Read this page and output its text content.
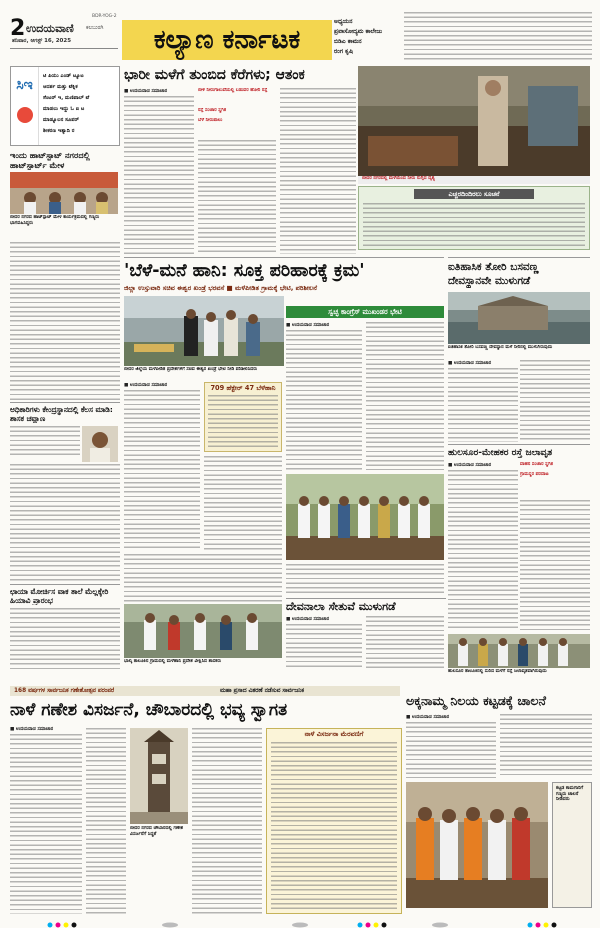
BDR-YOG-2
2 ಉದಯವಾಣಿ ಕಲಬುರಗಿ
ಶನಿವಾರ, ಆಗಸ್ಟ್ 16, 2025	ಕಲ್ಯಾಣ ಕರ್ನಾಟಕ
ಅಧ್ಯಯನ
ಪ್ರವಾಸೋದ್ಯಮ ಕಾಲೇಜು
ಬಿಡಿಎ ಕಾಮನ
ರಂಗ ಕೃಷಿ
ಬೀದರ ನಗರದಲ್ಲಿ ಮಳೆಯಿಂದ ನೀರು ನುಗ್ಗಿದ ದೃಶ್ಯ
ಸಿಇ
ಟಿ ಪಿಯು ಎಂಡ್ ಟ್ಯೂಟ
ಆದರ್ಶ ಮತ್ತು ಟೆಕ್ನಿಕ
ಸೆಂಟರ್ ಇ, ಮಣಿಪಾಲ್ ಟೆ
ಮಾಡಲು ಇದ್ದು ಓ ಐ ಟ
ಮಾಡ್ಯೂಲನ ಸೂಪರ್
ಶೀಕರಣ ಇತ್ಯಾದಿ ರ
ಇಂದು ಹಾಟ್‌ಸ್ಪಾಟ್ ನಗರದಲ್ಲಿ ಹಾಟ್‌ಸ್ಪಾರ್ಟ್ ಮೇಳ
ಬೀದರ ನಗರದ ಹಾಟ್‌ಸ್ಪಾಟ್ ಮೇಳ ಕಾರ್ಯಕ್ರಮದಲ್ಲಿ ಗಣ್ಯರು ಭಾಗವಹಿಸಿದ್ದರು
ಅಧಿಕಾರಿಗಳು ಕೇಂದ್ರಸ್ಥಾನದಲ್ಲಿ ಕೆಲಸ ಮಾಡಿ: ಶಾಸಕ ಚವ್ಹಾಣ
ಛಾಯಾ ಮೋರ್ಚಿಸ ವಾಕ ತಾಲೆ ಮೆಲ್ಲಕ್ಕೇರಿ ಹಿಯಾವಿ ಪ್ರಾರಂಭ
ಭಾರೀ ಮಳೆಗೆ ತುಂಬಿದ ಕೆರೆಗಳು; ಆತಂಕ
■ ಉದಯವಾಣಿ ಸಮಾಚಾರ	ಬೀಳಿ ನೀರುಗಾಲುವೆಯಲ್ಲಿ ಬಡುವರ ಹೋರಿ ರಸ್ತೆ
ರಸ್ತೆ ಸಂಚಾರ ಸ್ಥಗಿತ
ಬೆಳೆ ನೀರುಪಾಲು
ಎಚ್ಚರದಿಂದಿರಲು ಸೂಚನೆ
'ಬೆಳೆ-ಮನೆ ಹಾನಿ: ಸೂಕ್ತ ಪರಿಹಾರಕ್ಕೆ ಕ್ರಮ'
ಜಿಲ್ಲಾ ಉಸ್ತುವಾರಿ ಸಚಿವ ಈಶ್ವರ ಖಂಡ್ರೆ ಭರವಸೆ ■ ಮಳೆಪೀಡಿತ ಗ್ರಾಮಕ್ಕೆ ಭೇಟಿ, ಪರಿಶೀಲನೆ
ಬೀದರ ಜಿಲ್ಲೆಯ ಮಳೆಪೀಡಿತ ಪ್ರದೇಶಗಳಿಗೆ ಸಚಿವ ಈಶ್ವರ ಖಂಡ್ರೆ ಭೇಟಿ ನೀಡಿ ಪರಿಶೀಲಿಸಿದರು
ಸ್ವಚ್ಛ ಕಾಂಗ್ರೆಸ್ ಮುಖಂಡರ ಭೇಟಿ
■ ಉದಯವಾಣಿ ಸಮಾಚಾರ
■ ಉದಯವಾಣಿ ಸಮಾಚಾರ	709 ಹೆಕ್ಟೇರ್ 47 ಬೆಳೆಹಾನಿ
ಭಾಲ್ಕಿ ತಾಲೂಕಿನ ಗ್ರಾಮದಲ್ಲಿ ಮಳೆಹಾನಿ ಪ್ರದೇಶ ವೀಕ್ಷಿಸಿದ ಶಾಸಕರು
ದೇವನಾಲಾ ಸೇತುವೆ ಮುಳುಗಡೆ
■ ಉದಯವಾಣಿ ಸಮಾಚಾರ
ಐತಿಹಾಸಿಕ ತೋರಿ ಬಸವಣ್ಣ
ದೇವಸ್ಥಾನವೇ ಮುಳುಗಡೆ
ಐತಿಹಾಸಿಕ ತೋರಿ ಬಸವಣ್ಣ ದೇವಸ್ಥಾನ ಮಳೆ ನೀರಿನಲ್ಲಿ ಮುಳುಗಿರುವುದು
■ ಉದಯವಾಣಿ ಸಮಾಚಾರ
ಹುಲಸೂರ-ಮೇಹಕರ ರಸ್ತೆ ಜಲಾವೃತ
■ ಉದಯವಾಣಿ ಸಮಾಚಾರ	ವಾಹನ ಸಂಚಾರ ಸ್ಥಗಿತ
ಗ್ರಾಮಸ್ಥರ ಪರದಾಟ
ಹುಲಸೂರ ತಾಲೂಕಿನಲ್ಲಿ ಸುರಿದ ಮಳೆಗೆ ರಸ್ತೆ ಜಲಾವೃತವಾಗಿರುವುದು
168 ವರ್ಷಗಳ ಸಾರ್ವಜನಿಕ ಗಣೇಶೋತ್ಸವ ಪರಂಪರೆ	ಮಹಾ ಪ್ರಸಾದ ವಿತರಣೆ ನಡೆಸುವ ಸಾರ್ವಜನಿಕ
ನಾಳೆ ಗಣೇಶ ವಿಸರ್ಜನೆ, ಚೌಬಾರದಲ್ಲಿ ಭವ್ಯ ಸ್ವಾಗತ
■ ಉದಯವಾಣಿ ಸಮಾಚಾರ
ಬೀದರ ನಗರದ ಚೌಬಾರದಲ್ಲಿ ಗಣೇಶ ವಿಸರ್ಜನೆಗೆ ಸಿದ್ಧತೆ
ನಾಳೆ ವಿಸರ್ಜನಾ ಮೆರವಣಿಗೆ
ಅಕ್ಕನಾಮ್ಮ ನಿಲಯ ಕಟ್ಟಡಕ್ಕೆ ಚಾಲನೆ
■ ಉದಯವಾಣಿ ಸಮಾಚಾರ
ಕಟ್ಟಡ ಕಾಮಗಾರಿಗೆ ಗಣ್ಯರು ಚಾಲನೆ ನೀಡಿದರು
